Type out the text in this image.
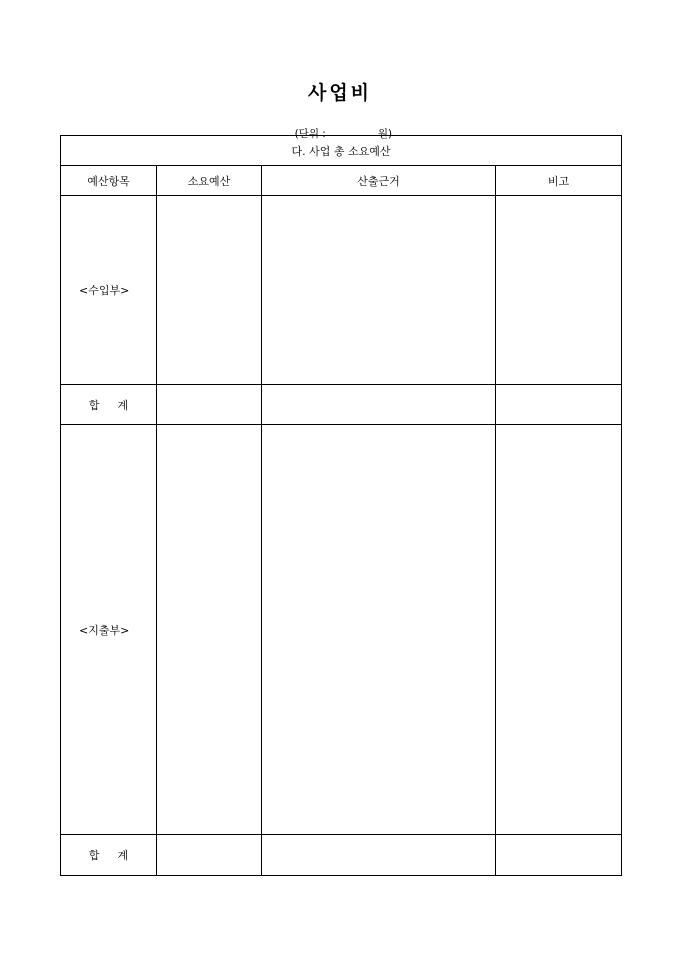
사업비

(단위 :	원)

다. 사업 총 소요예산			
예산항목	소요예산	산출근거	비고

<수입부>			

합 계			

<지출부>			

합 계			
